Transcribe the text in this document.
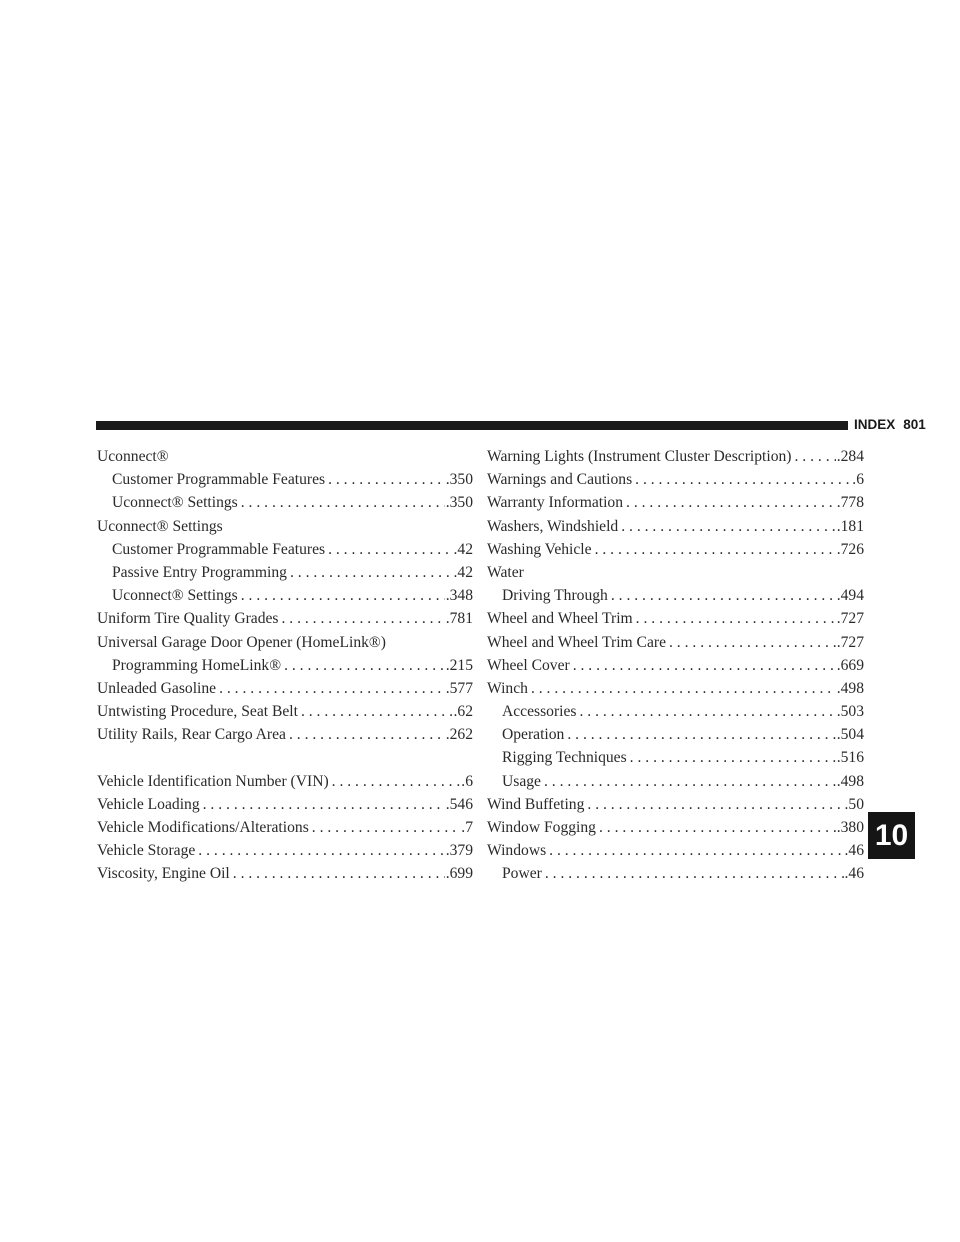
INDEX 801
Uconnect®
Customer Programmable Features . . .	.350
Uconnect® Settings . . .	.350
Uconnect® Settings
Customer Programmable Features . . .	.42
Passive Entry Programming . . .	.42
Uconnect® Settings . . .	.348
Uniform Tire Quality Grades . . .	.781
Universal Garage Door Opener (HomeLink®)
Programming HomeLink® . . .	.215
Unleaded Gasoline . . .	.577
Untwisting Procedure, Seat Belt . . .	.62
Utility Rails, Rear Cargo Area . . .	.262
Vehicle Identification Number (VIN) . . .	.6
Vehicle Loading . . .	.546
Vehicle Modifications/Alterations . . .	.7
Vehicle Storage . . .	.379
Viscosity, Engine Oil . . .	.699
Warning Lights (Instrument Cluster Description) . . .	.284
Warnings and Cautions . . .	.6
Warranty Information . . .	.778
Washers, Windshield . . .	.181
Washing Vehicle . . .	.726
Water
Driving Through . . .	.494
Wheel and Wheel Trim . . .	.727
Wheel and Wheel Trim Care . . .	.727
Wheel Cover . . .	.669
Winch . . .	.498
Accessories . . .	.503
Operation . . .	.504
Rigging Techniques . . .	.516
Usage . . .	.498
Wind Buffeting . . .	.50
Window Fogging . . .	.380
Windows . . .	.46
Power . . .	.46
10
